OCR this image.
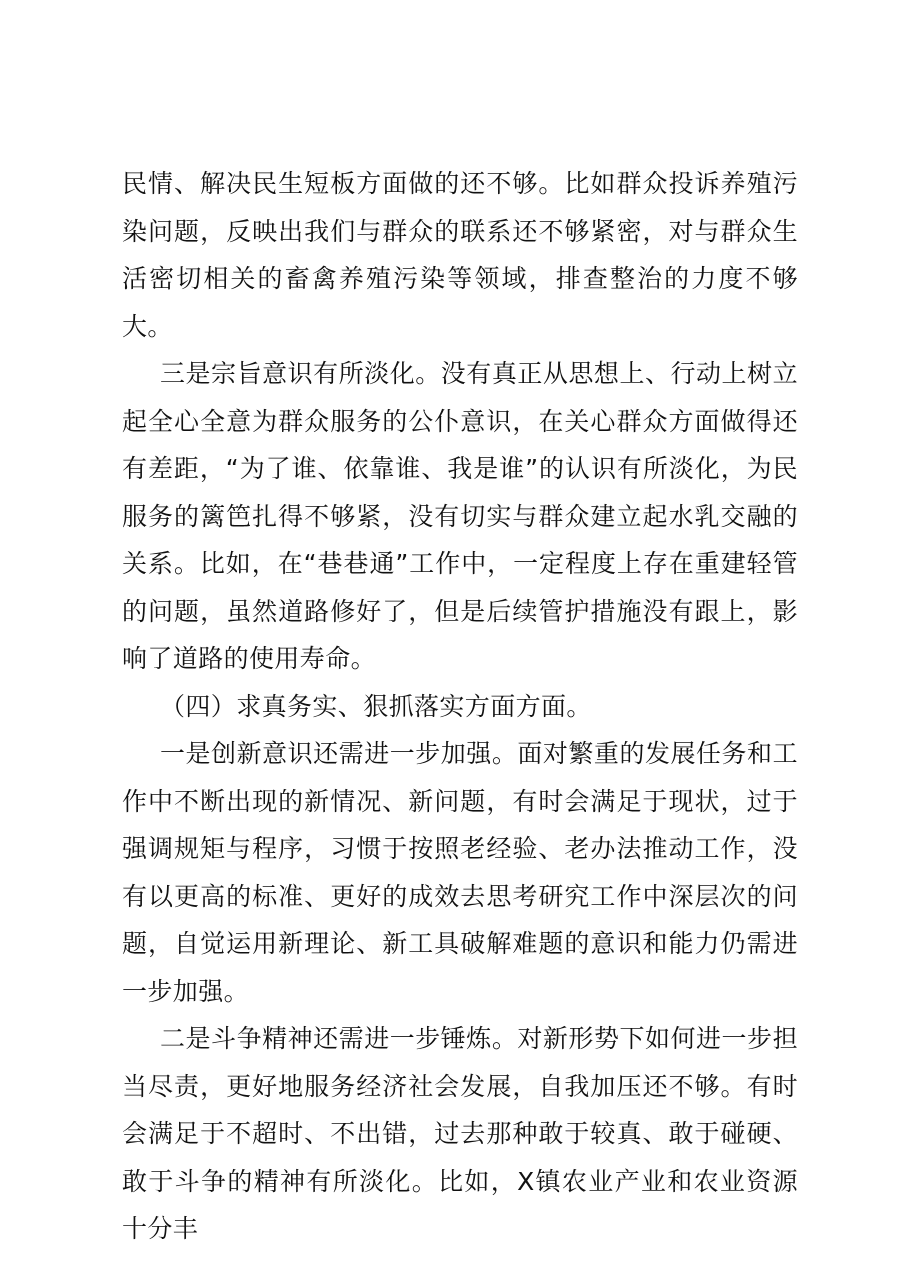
民情、解决民生短板方面做的还不够。比如群众投诉养殖污染问题，反映出我们与群众的联系还不够紧密，对与群众生活密切相关的畜禽养殖污染等领域，排查整治的力度不够大。

三是宗旨意识有所淡化。没有真正从思想上、行动上树立起全心全意为群众服务的公仆意识，在关心群众方面做得还有差距，“为了谁、依靠谁、我是谁”的认识有所淡化，为民服务的篱笆扎得不够紧，没有切实与群众建立起水乳交融的关系。比如，在“巷巷通”工作中，一定程度上存在重建轻管的问题，虽然道路修好了，但是后续管护措施没有跟上，影响了道路的使用寿命。

（四）求真务实、狠抓落实方面方面。

一是创新意识还需进一步加强。面对繁重的发展任务和工作中不断出现的新情况、新问题，有时会满足于现状，过于强调规矩与程序，习惯于按照老经验、老办法推动工作，没有以更高的标准、更好的成效去思考研究工作中深层次的问题，自觉运用新理论、新工具破解难题的意识和能力仍需进一步加强。

二是斗争精神还需进一步锤炼。对新形势下如何进一步担当尽责，更好地服务经济社会发展，自我加压还不够。有时会满足于不超时、不出错，过去那种敢于较真、敢于碰硬、敢于斗争的精神有所淡化。比如，X镇农业产业和农业资源十分丰
